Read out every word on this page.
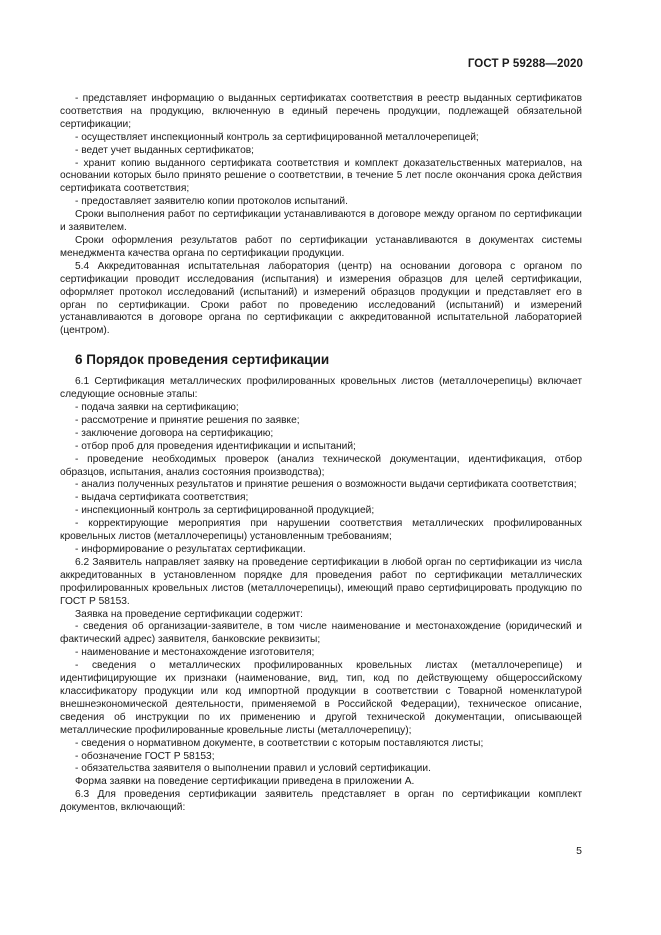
ГОСТ Р 59288—2020

- представляет информацию о выданных сертификатах соответствия в реестр выданных сертификатов соответствия на продукцию, включенную в единый перечень продукции, подлежащей обязательной сертификации;

- осуществляет инспекционный контроль за сертифицированной металлочерепицей;

- ведет учет выданных сертификатов;

- хранит копию выданного сертификата соответствия и комплект доказательственных материалов, на основании которых было принято решение о соответствии, в течение 5 лет после окончания срока действия сертификата соответствия;

- предоставляет заявителю копии протоколов испытаний.

Сроки выполнения работ по сертификации устанавливаются в договоре между органом по сертификации и заявителем.

Сроки оформления результатов работ по сертификации устанавливаются в документах системы менеджмента качества органа по сертификации продукции.

5.4 Аккредитованная испытательная лаборатория (центр) на основании договора с органом по сертификации проводит исследования (испытания) и измерения образцов для целей сертификации, оформляет протокол исследований (испытаний) и измерений образцов продукции и представляет его в орган по сертификации. Сроки работ по проведению исследований (испытаний) и измерений устанавливаются в договоре органа по сертификации с аккредитованной испытательной лабораторией (центром).

6 Порядок проведения сертификации

6.1 Сертификация металлических профилированных кровельных листов (металлочерепицы) включает следующие основные этапы:

- подача заявки на сертификацию;

- рассмотрение и принятие решения по заявке;

- заключение договора на сертификацию;

- отбор проб для проведения идентификации и испытаний;

- проведение необходимых проверок (анализ технической документации, идентификация, отбор образцов, испытания, анализ состояния производства);

- анализ полученных результатов и принятие решения о возможности выдачи сертификата соответствия;

- выдача сертификата соответствия;

- инспекционный контроль за сертифицированной продукцией;

- корректирующие мероприятия при нарушении соответствия металлических профилированных кровельных листов (металлочерепицы) установленным требованиям;

- информирование о результатах сертификации.

6.2 Заявитель направляет заявку на проведение сертификации в любой орган по сертификации из числа аккредитованных в установленном порядке для проведения работ по сертификации металлических профилированных кровельных листов (металлочерепицы), имеющий право сертифицировать продукцию по ГОСТ Р 58153.

Заявка на проведение сертификации содержит:

- сведения об организации-заявителе, в том числе наименование и местонахождение (юридический и фактический адрес) заявителя, банковские реквизиты;

- наименование и местонахождение изготовителя;

- сведения о металлических профилированных кровельных листах (металлочерепице) и идентифицирующие их признаки (наименование, вид, тип, код по действующему общероссийскому классификатору продукции или код импортной продукции в соответствии с Товарной номенклатурой внешнеэкономической деятельности, применяемой в Российской Федерации), техническое описание, сведения об инструкции по их применению и другой технической документации, описывающей металлические профилированные кровельные листы (металлочерепицу);

- сведения о нормативном документе, в соответствии с которым поставляются листы;

- обозначение ГОСТ Р 58153;

- обязательства заявителя о выполнении правил и условий сертификации.

Форма заявки на поведение сертификации приведена в приложении А.

6.3 Для проведения сертификации заявитель представляет в орган по сертификации комплект документов, включающий:

5
